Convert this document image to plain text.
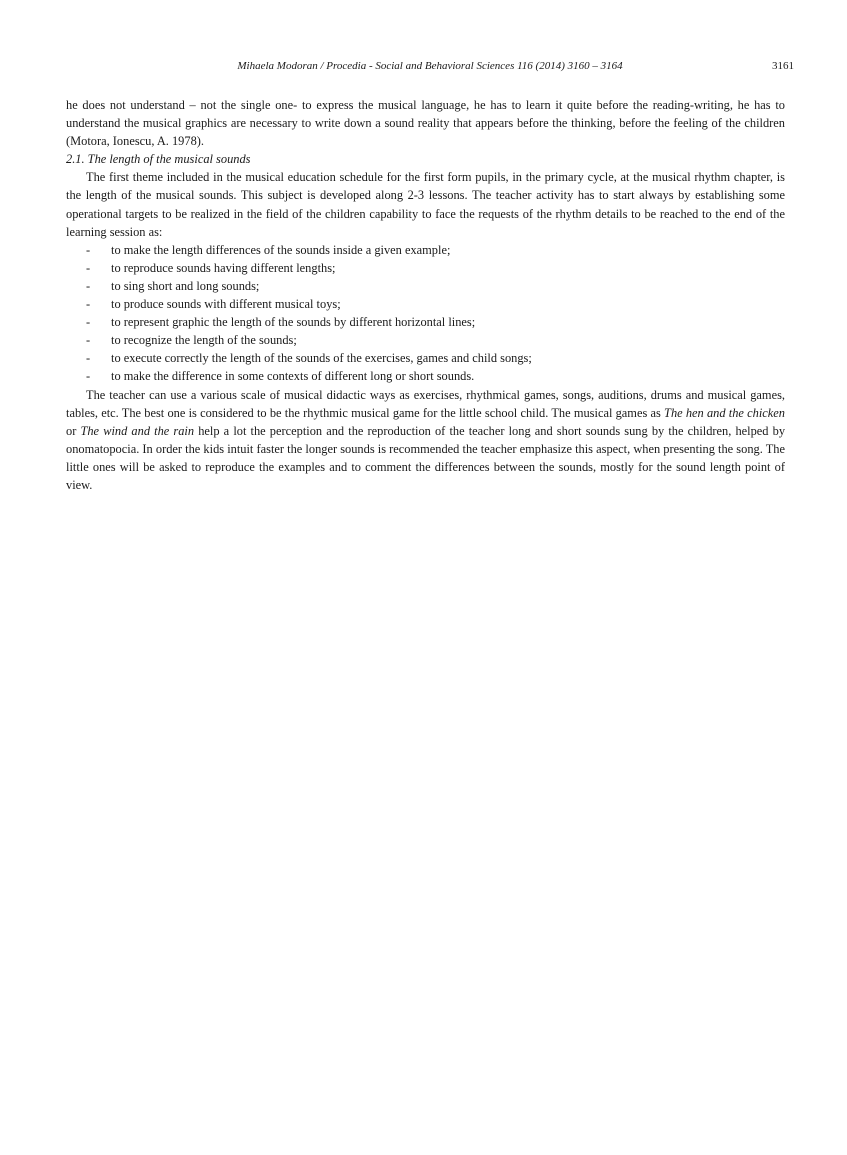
Mihaela Modoran / Procedia - Social and Behavioral Sciences 116 (2014) 3160 – 3164	3161

he does not understand – not the single one- to express the musical language, he has to learn it quite before the reading-writing, he has to understand the musical graphics are necessary to write down a sound reality that appears before the thinking, before the feeling of the children (Motora, Ionescu, A. 1978).

2.1. The length of the musical sounds

The first theme included in the musical education schedule for the first form pupils, in the primary cycle, at the musical rhythm chapter, is the length of the musical sounds. This subject is developed along 2-3 lessons. The teacher activity has to start always by establishing some operational targets to be realized in the field of the children capability to face the requests of the rhythm details to be reached to the end of the learning session as:

- to make the length differences of the sounds inside a given example;
- to reproduce sounds having different lengths;
- to sing short and long sounds;
- to produce sounds with different musical toys;
- to represent graphic the length of the sounds by different horizontal lines;
- to recognize the length of the sounds;
- to execute correctly the length of the sounds of the exercises, games and child songs;
- to make the difference in some contexts of different long or short sounds.

The teacher can use a various scale of musical didactic ways as exercises, rhythmical games, songs, auditions, drums and musical games, tables, etc. The best one is considered to be the rhythmic musical game for the little school child. The musical games as The hen and the chicken or The wind and the rain help a lot the perception and the reproduction of the teacher long and short sounds sung by the children, helped by onomatopocia. In order the kids intuit faster the longer sounds is recommended the teacher emphasize this aspect, when presenting the song. The little ones will be asked to reproduce the examples and to comment the differences between the sounds, mostly for the sound length point of view.
